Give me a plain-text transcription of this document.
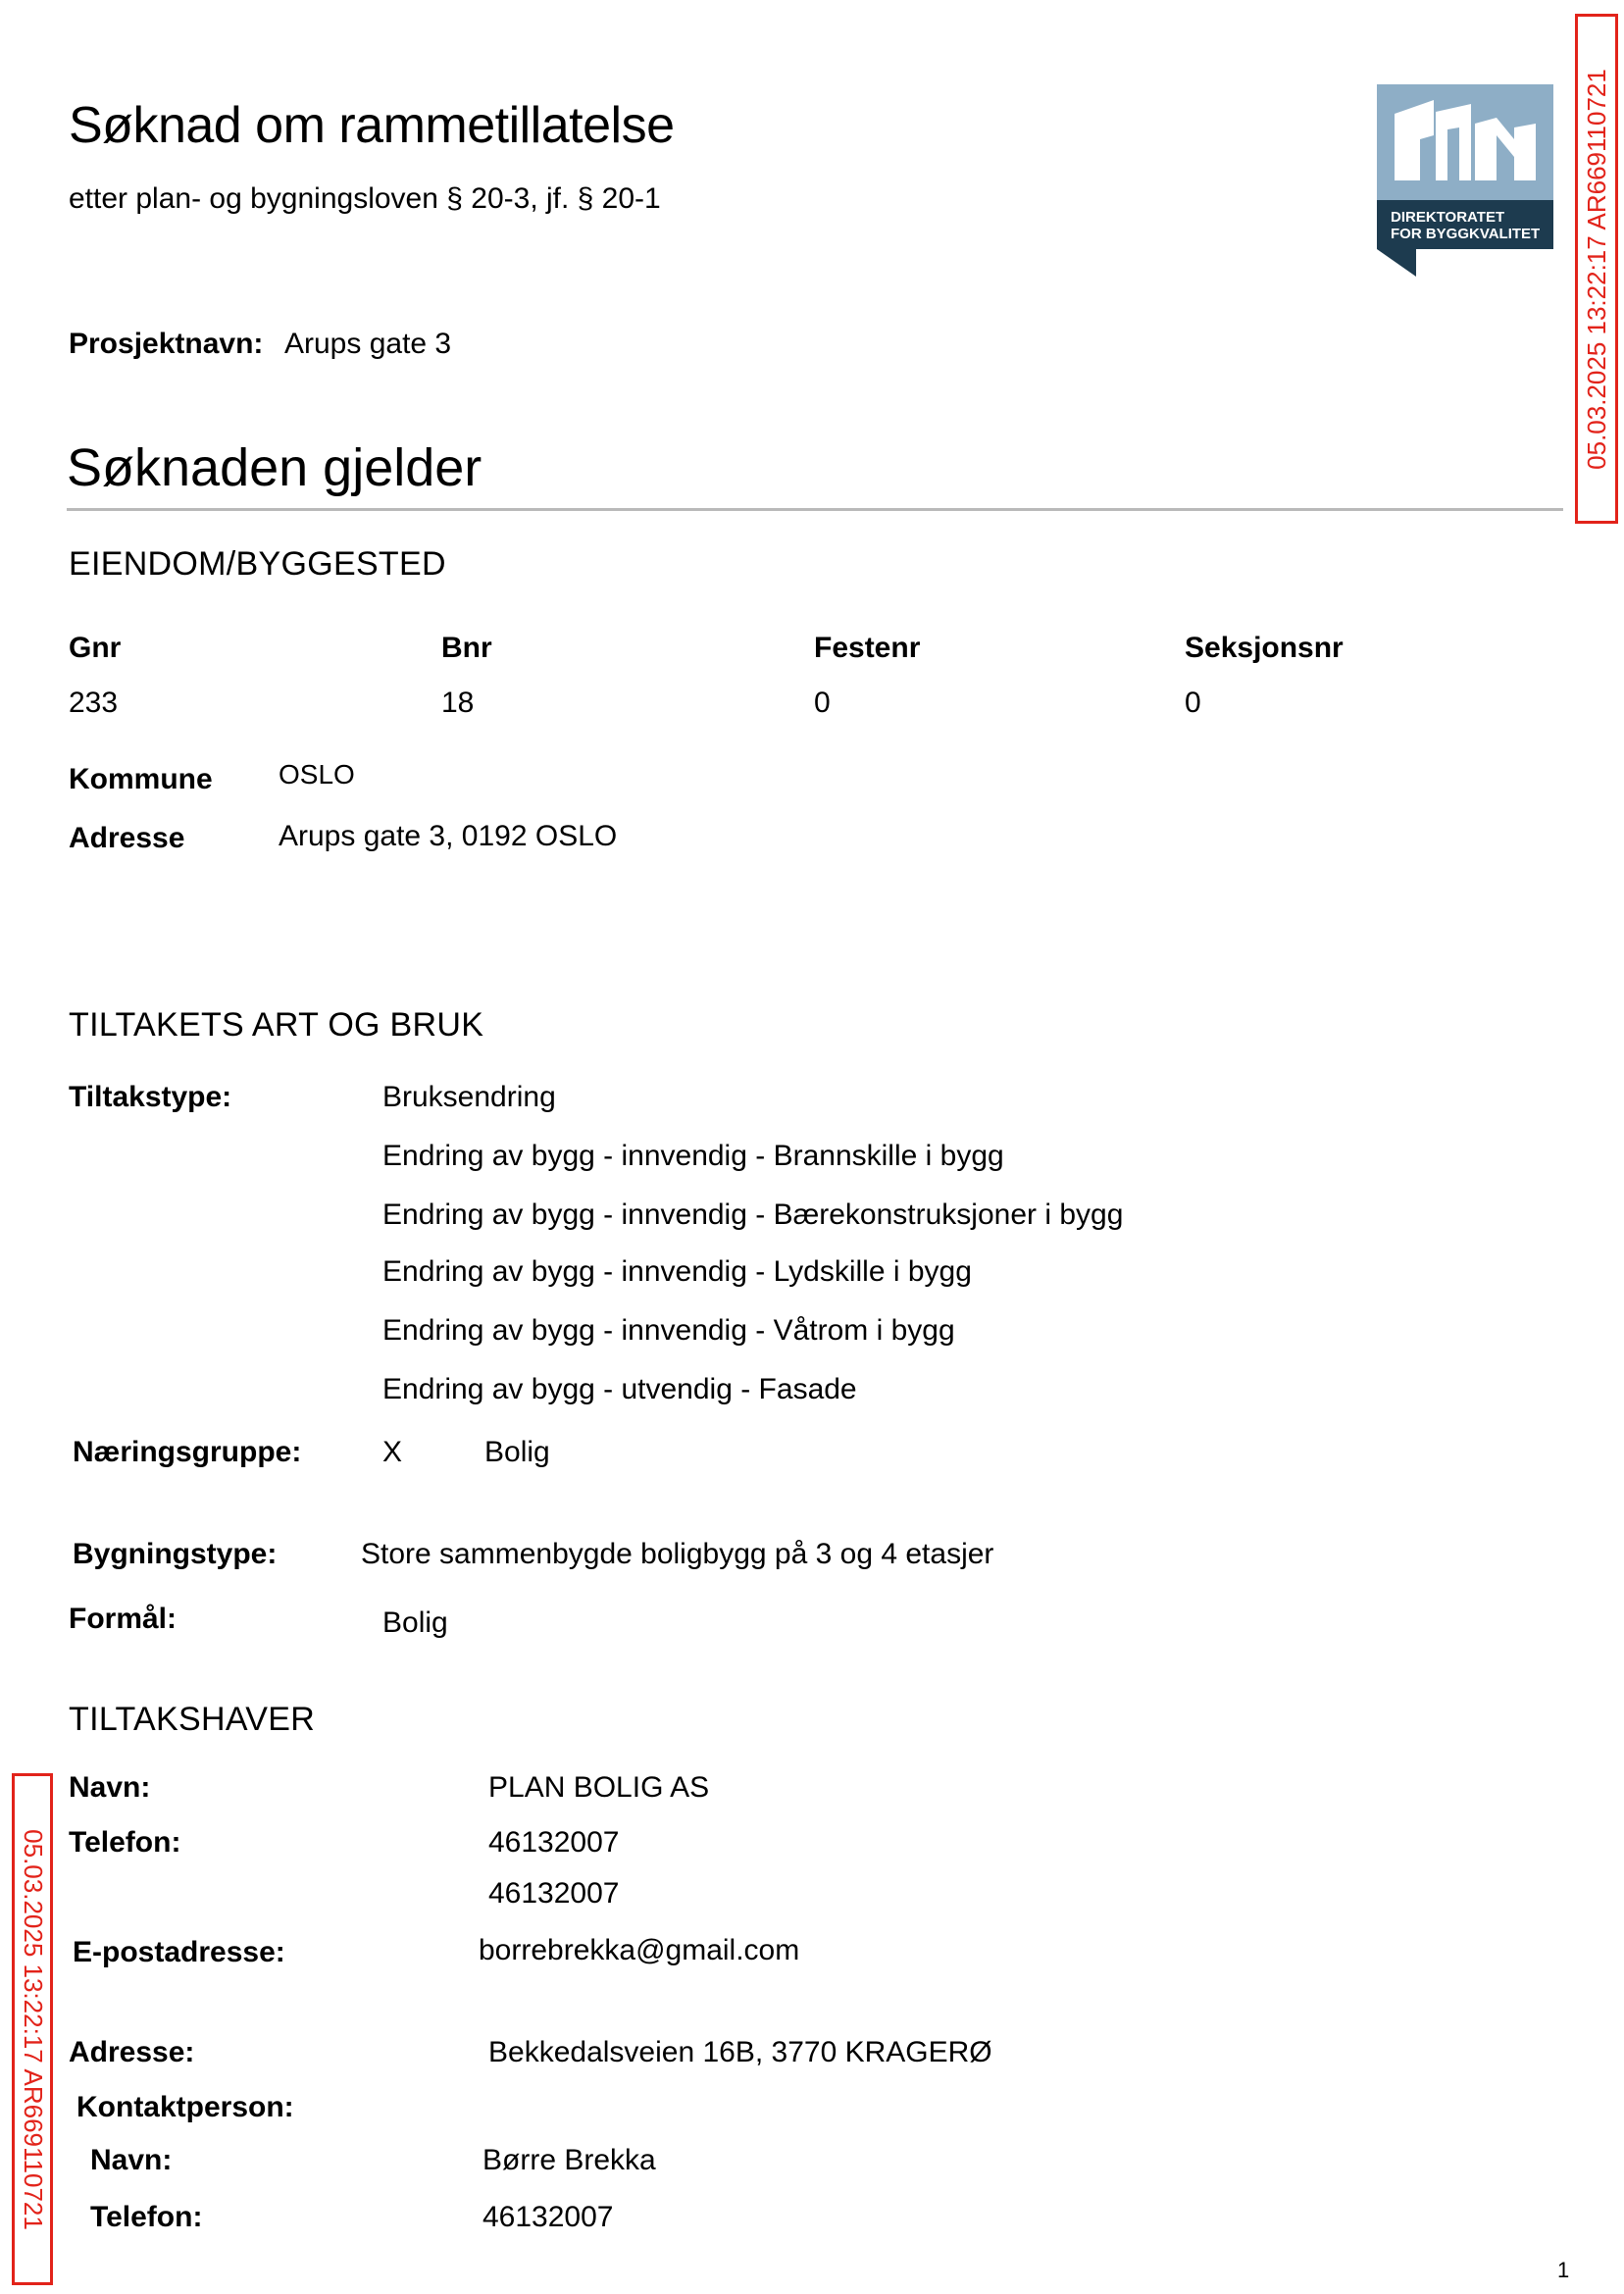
Søknad om rammetillatelse
etter plan- og bygningsloven § 20-3, jf. § 20-1
Prosjektnavn: Arups gate 3
DIREKTORATET
FOR BYGGKVALITET 05.03.2025 13:22:17 AR669110721
05.03.2025 13:22:17 AR669110721
Søknaden gjelder
EIENDOM/BYGGESTED
Gnr	Bnr	Festenr	Seksjonsnr
233	18	0	0
Kommune OSLO
Adresse	Arups gate 3, 0192 OSLO
TILTAKETS ART OG BRUK
Tiltakstype:	Bruksendring
Endring av bygg - innvendig - Brannskille i bygg
Endring av bygg - innvendig - Bærekonstruksjoner i bygg
Endring av bygg - innvendig - Lydskille i bygg
Endring av bygg - innvendig - Våtrom i bygg
Endring av bygg - utvendig - Fasade
Næringsgruppe:	X	Bolig
Bygningstype:	Store sammenbygde boligbygg på 3 og 4 etasjer
Formål:	Bolig
TILTAKSHAVER
Navn:	PLAN BOLIG AS
Telefon:	46132007
46132007
E-postadresse:	borrebrekka@gmail.com
Adresse:	Bekkedalsveien 16B, 3770 KRAGERØ
Kontaktperson:
Navn:	Børre Brekka
Telefon:	46132007
1
